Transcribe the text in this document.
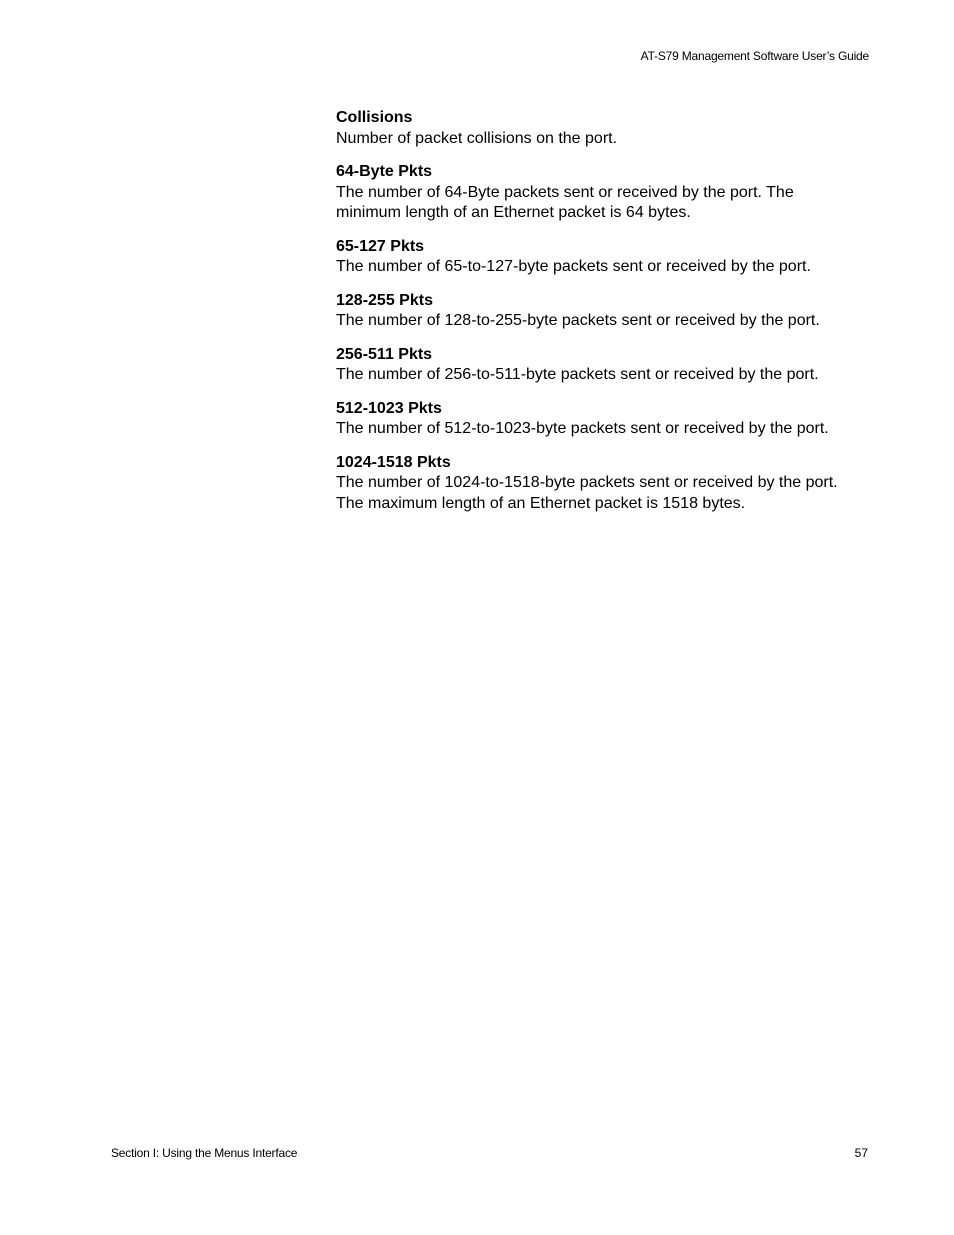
AT-S79 Management Software User’s Guide

Collisions

Number of packet collisions on the port.

64-Byte Pkts

The number of 64-Byte packets sent or received by the port. The

minimum length of an Ethernet packet is 64 bytes.

65-127 Pkts

The number of 65-to-127-byte packets sent or received by the port.

128-255 Pkts

The number of 128-to-255-byte packets sent or received by the port.

256-511 Pkts

The number of 256-to-511-byte packets sent or received by the port.

512-1023 Pkts

The number of 512-to-1023-byte packets sent or received by the port.

1024-1518 Pkts

The number of 1024-to-1518-byte packets sent or received by the port.

The maximum length of an Ethernet packet is 1518 bytes.

Section I: Using the Menus Interface	57
